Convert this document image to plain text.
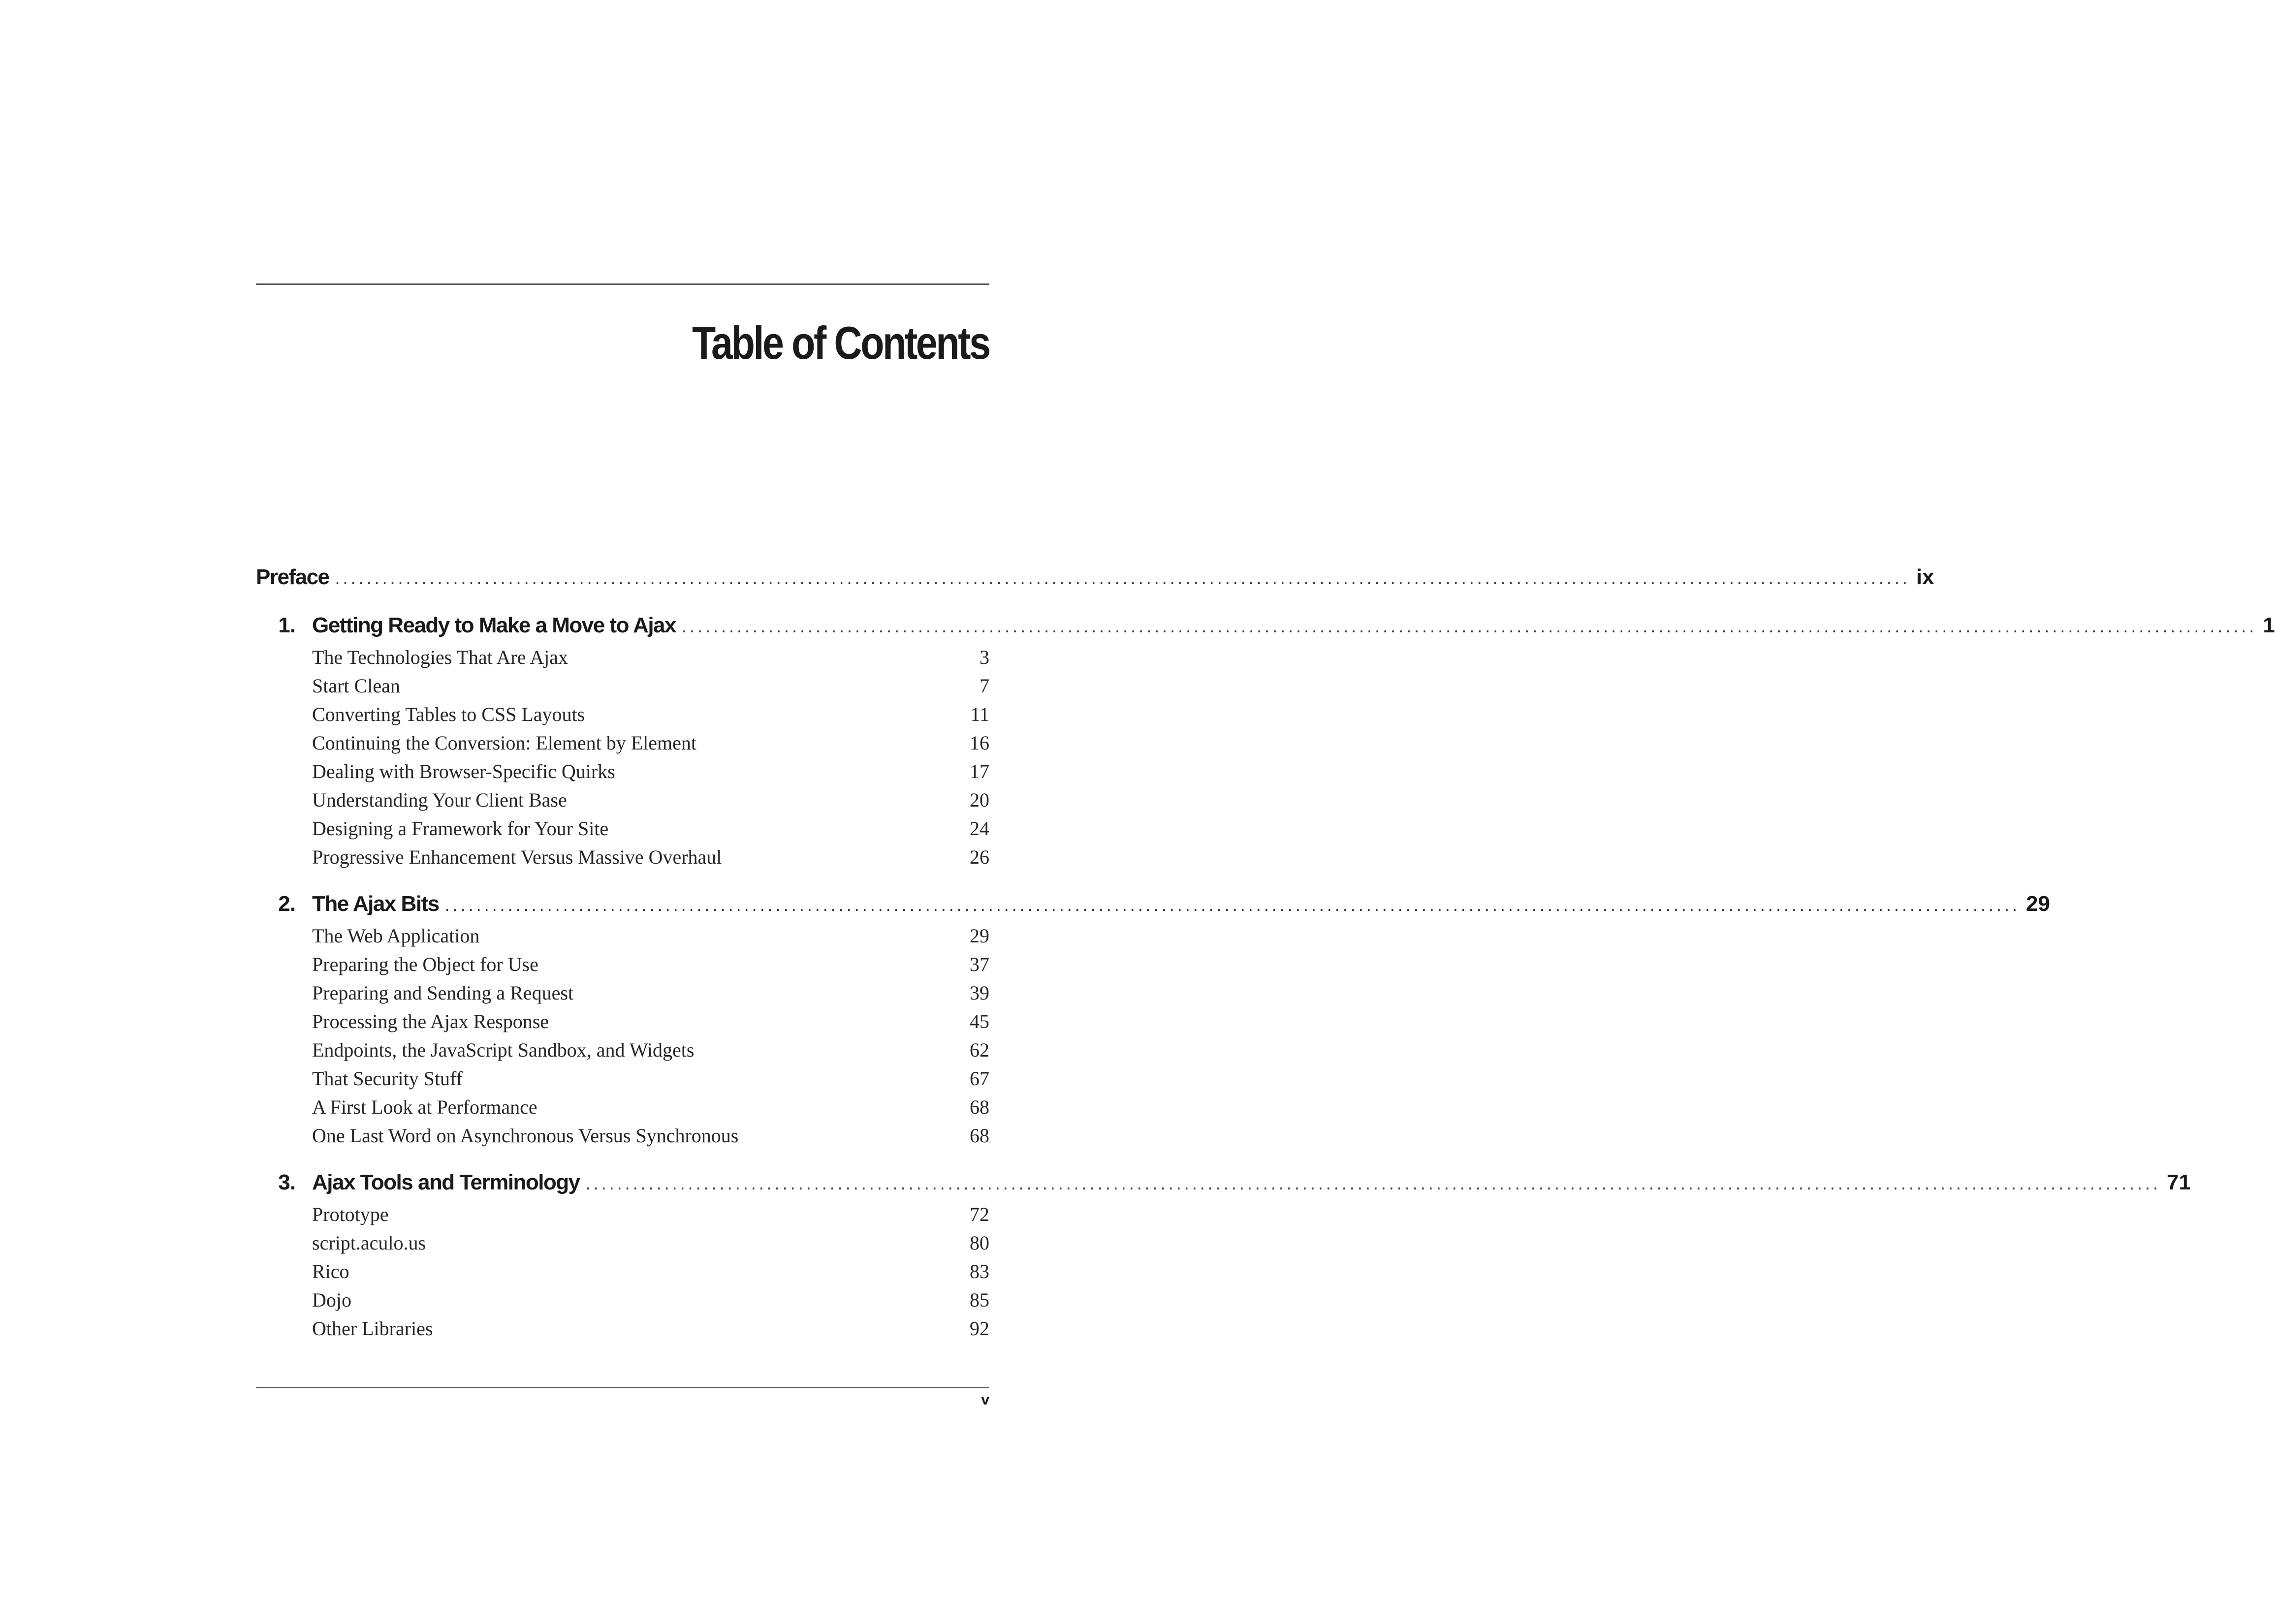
Table of Contents
Preface ........................................................................................................................................................................................................ ix
1. Getting Ready to Make a Move to Ajax ........................................................................................................................................................................................................ 1
The Technologies That Are Ajax	3
Start Clean	7
Converting Tables to CSS Layouts	11
Continuing the Conversion: Element by Element	16
Dealing with Browser-Specific Quirks	17
Understanding Your Client Base	20
Designing a Framework for Your Site	24
Progressive Enhancement Versus Massive Overhaul	26
2. The Ajax Bits ........................................................................................................................................................................................................ 29
The Web Application	29
Preparing the Object for Use	37
Preparing and Sending a Request	39
Processing the Ajax Response	45
Endpoints, the JavaScript Sandbox, and Widgets	62
That Security Stuff	67
A First Look at Performance	68
One Last Word on Asynchronous Versus Synchronous	68
3. Ajax Tools and Terminology ........................................................................................................................................................................................................ 71
Prototype	72
script.aculo.us	80
Rico	83
Dojo	85
Other Libraries	92
v
